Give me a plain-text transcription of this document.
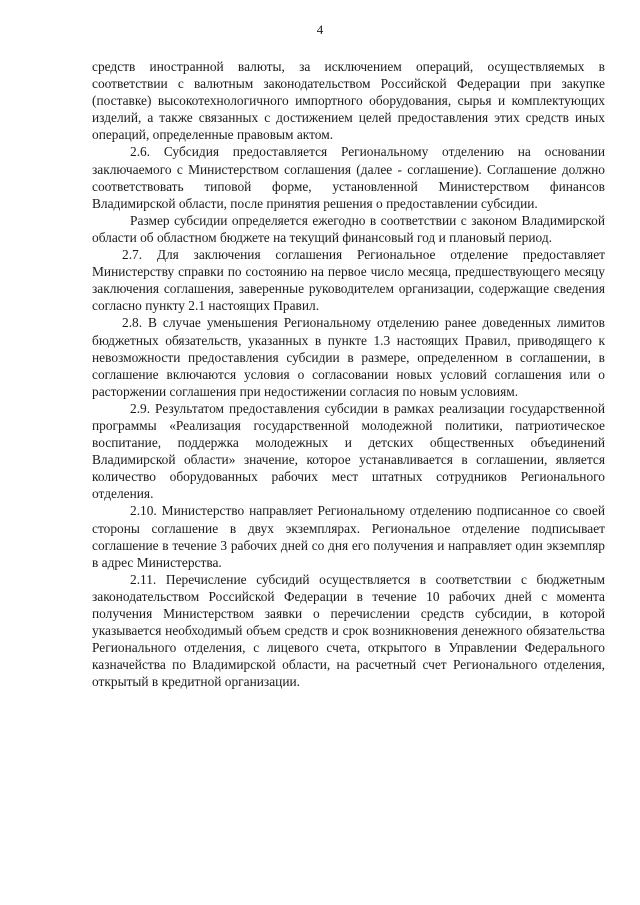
4

средств иностранной валюты, за исключением операций, осуществляемых в соответствии с валютным законодательством Российской Федерации при закупке (поставке) высокотехнологичного импортного оборудования, сырья и комплектующих изделий, а также связанных с достижением целей предоставления этих средств иных операций, определенные правовым актом.

2.6. Субсидия предоставляется Региональному отделению на основании заключаемого с Министерством соглашения (далее - соглашение). Соглашение должно соответствовать типовой форме, установленной Министерством финансов Владимирской области, после принятия решения о предоставлении субсидии.

Размер субсидии определяется ежегодно в соответствии с законом Владимирской области об областном бюджете на текущий финансовый год и плановый период.

2.7. Для заключения соглашения Региональное отделение предоставляет Министерству справки по состоянию на первое число месяца, предшествующего месяцу заключения соглашения, заверенные руководителем организации, содержащие сведения согласно пункту 2.1 настоящих Правил.

2.8. В случае уменьшения Региональному отделению ранее доведенных лимитов бюджетных обязательств, указанных в пункте 1.3 настоящих Правил, приводящего к невозможности предоставления субсидии в размере, определенном в соглашении, в соглашение включаются условия о согласовании новых условий соглашения или о расторжении соглашения при недостижении согласия по новым условиям.

2.9. Результатом предоставления субсидии в рамках реализации государственной программы «Реализация государственной молодежной политики, патриотическое воспитание, поддержка молодежных и детских общественных объединений Владимирской области» значение, которое устанавливается в соглашении, является количество оборудованных рабочих мест штатных сотрудников Регионального отделения.

2.10. Министерство направляет Региональному отделению подписанное со своей стороны соглашение в двух экземплярах. Региональное отделение подписывает соглашение в течение 3 рабочих дней со дня его получения и направляет один экземпляр в адрес Министерства.

2.11. Перечисление субсидий осуществляется в соответствии с бюджетным законодательством Российской Федерации в течение 10 рабочих дней с момента получения Министерством заявки о перечислении средств субсидии, в которой указывается необходимый объем средств и срок возникновения денежного обязательства Регионального отделения, с лицевого счета, открытого в Управлении Федерального казначейства по Владимирской области, на расчетный счет Регионального отделения, открытый в кредитной организации.
